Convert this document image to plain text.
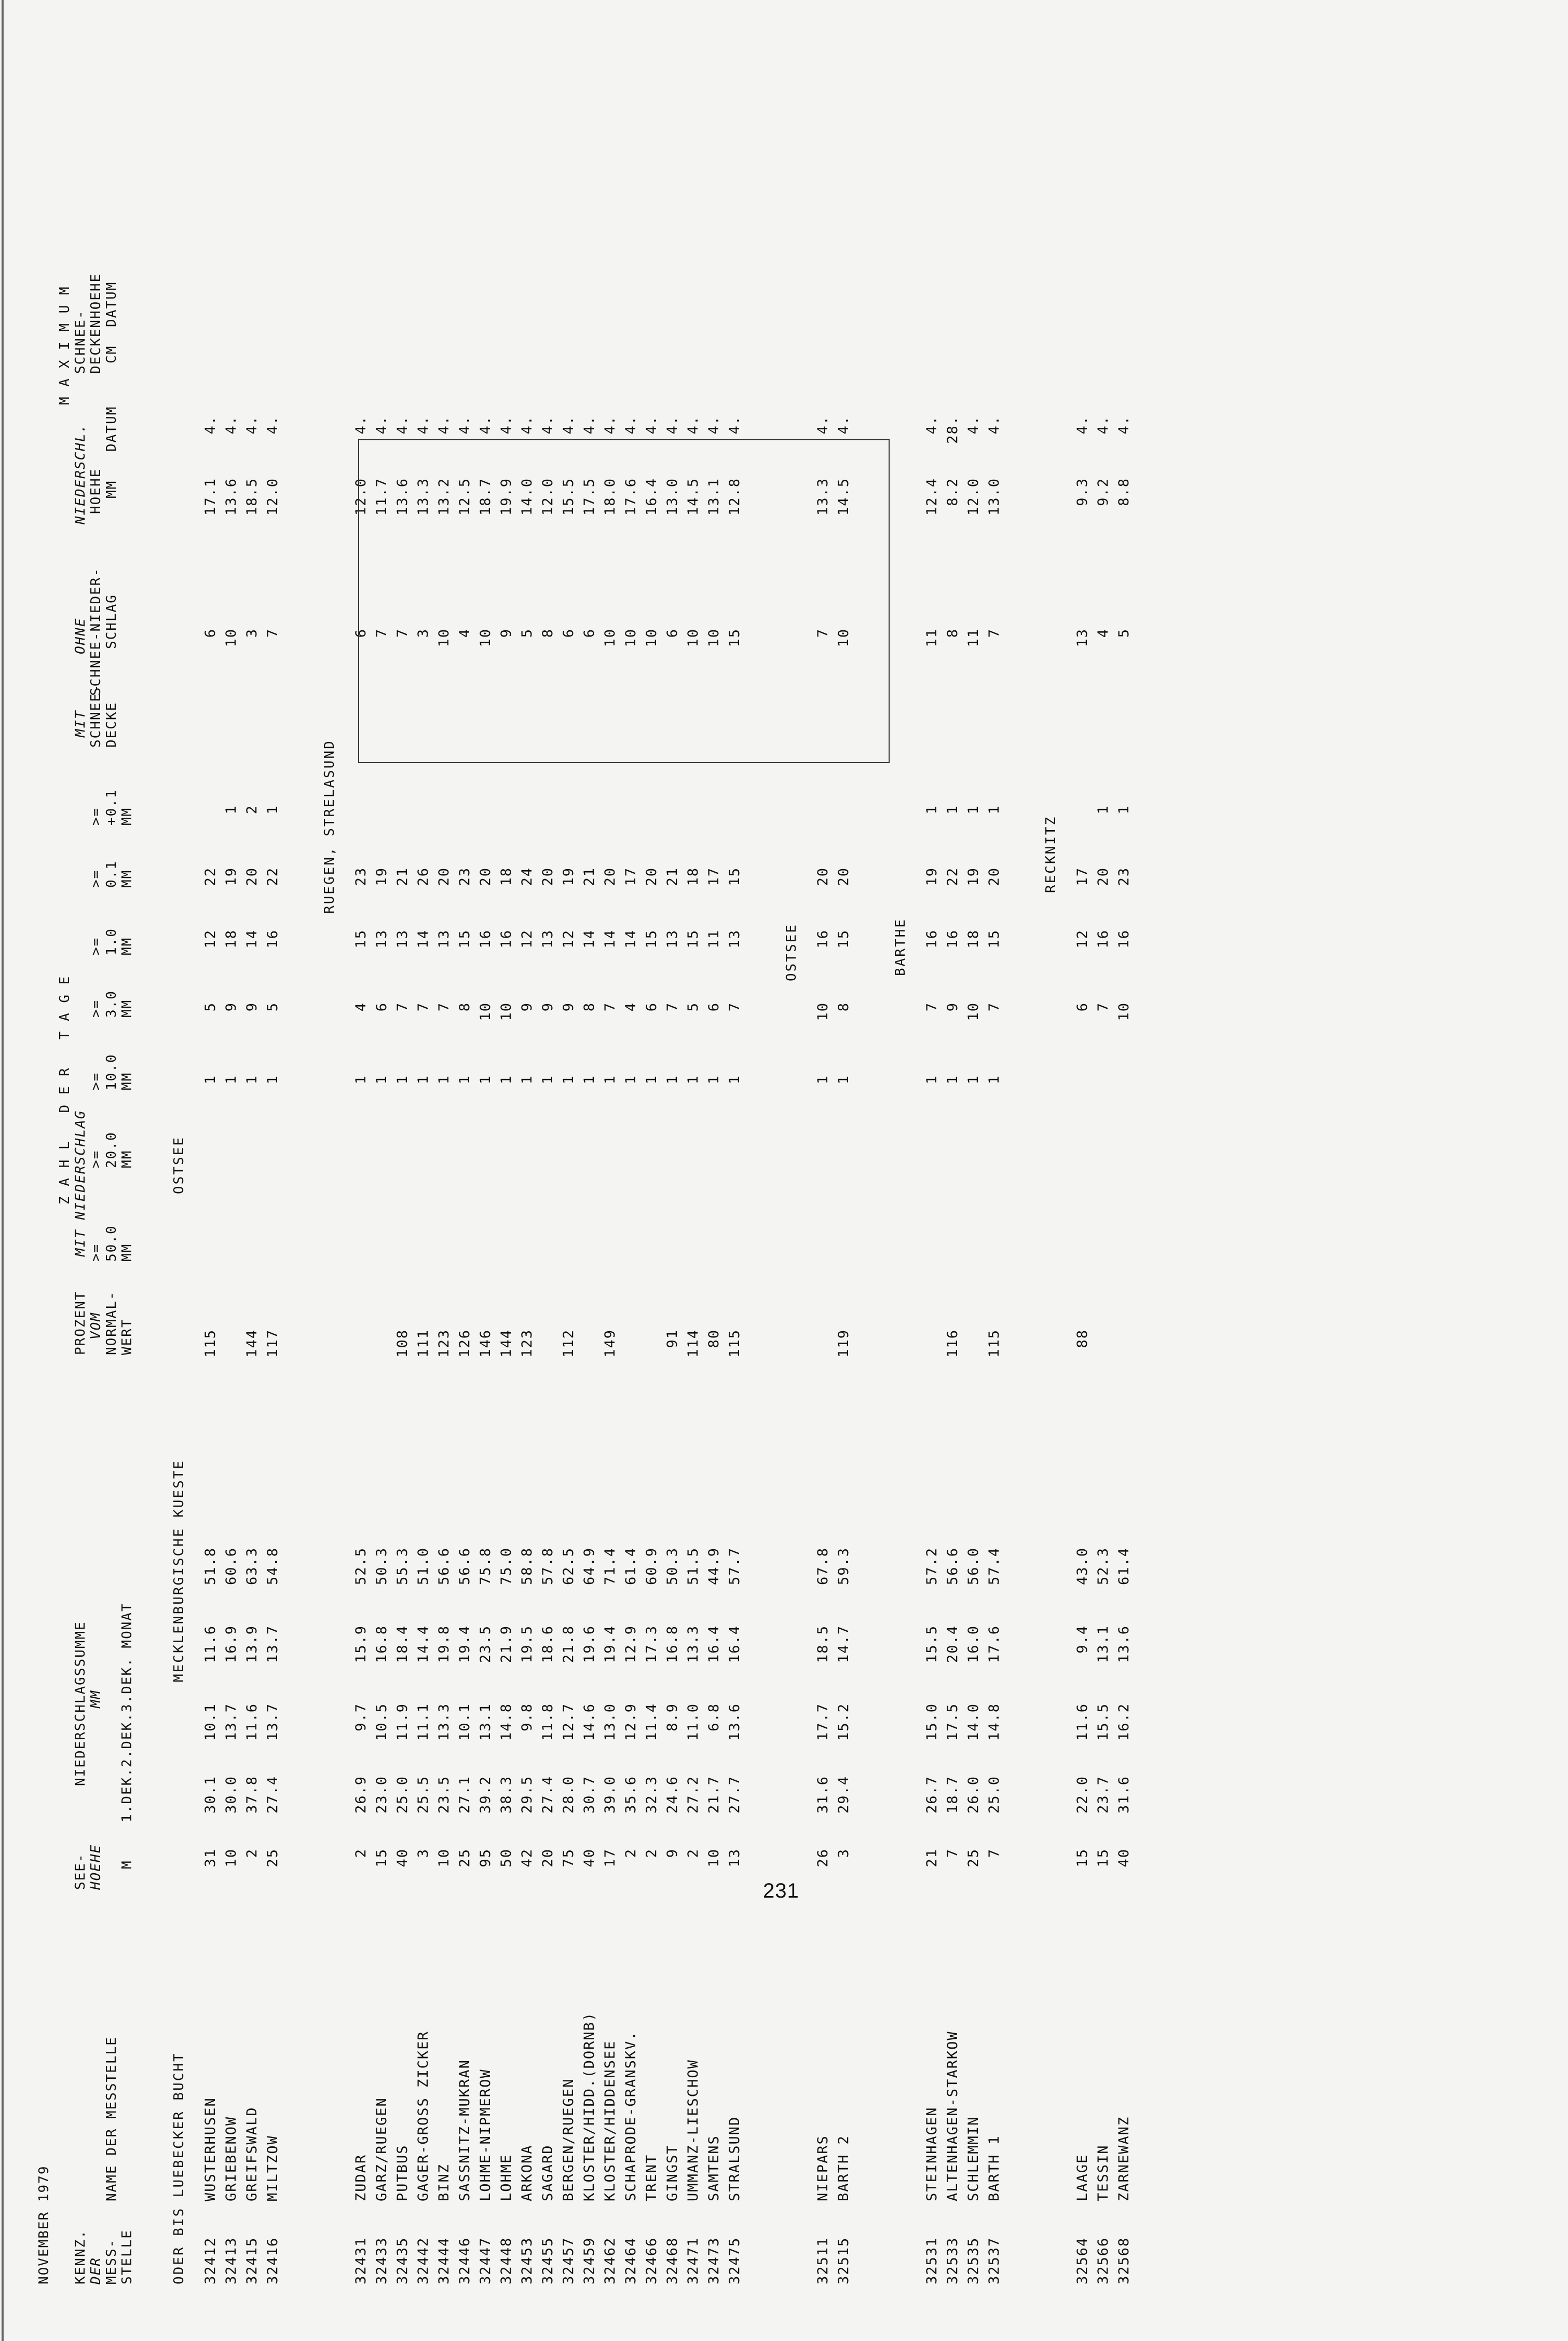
NOVEMBER 1979 KENNZ. DER MESS- STELLE
NAME DER MESSTELLE
SEE- HOEHE M
NIEDERSCHLAGSSUMME MM 1.DEK.2.DEK.3.DEK. MONAT
PROZENT VOM NORMAL- WERT
Z A H L   D E R   T A G E MIT NIEDERSCHLAG >= 50.0 MM
>= 20.0 MM
>= 10.0 MM
>= 3.0 MM
>= 1.0 MM
>= 0.1 MM
>= +0.1 MM
MIT SCHNEE- DECKE
OHNE SCHNEE-NIEDER- SCHLAG
M A X I M U M
NIEDERSCHL. HOEHE MM
DATUM
SCHNEE- DECKENHOEHE CM
DATUM
MECKLENBURGISCHE KUESTE
ODER BIS LUEBECKER BUCHT
OSTSEE
32412
WUSTERHUSEN
31
30.1
10.1
11.6
51.8
115
1
5
12
22
6
17.1
4.
32413
GRIEBENOW
10
30.0
13.7
16.9
60.6
1
9
18
19
1
10
13.6
4.
32415
GREIFSWALD
2
37.8
11.6
13.9
63.3
144
1
9
14
20
2
3
18.5
4.
32416
MILTZOW
25
27.4
13.7
13.7
54.8
117
1
5
16
22
1
7
12.0
4.
RUEGEN, STRELASUND
32431
ZUDAR
2
26.9
9.7
15.9
52.5
1
4
15
23
6
12.0
4.
32433
GARZ/RUEGEN
15
23.0
10.5
16.8
50.3
1
6
13
19
7
11.7
4.
32435
PUTBUS
40
25.0
11.9
18.4
55.3
108
1
7
13
21
7
13.6
4.
32442
GAGER-GROSS ZICKER
3
25.5
11.1
14.4
51.0
111
1
7
14
26
3
13.3
4.
32444
BINZ
10
23.5
13.3
19.8
56.6
123
1
7
13
20
10
13.2
4.
32446
SASSNITZ-MUKRAN
25
27.1
10.1
19.4
56.6
126
1
8
15
23
4
12.5
4.
32447
LOHME-NIPMEROW
95
39.2
13.1
23.5
75.8
146
1
10
16
20
10
18.7
4.
32448
LOHME
50
38.3
14.8
21.9
75.0
144
1
10
16
18
9
19.9
4.
32453
ARKONA
42
29.5
9.8
19.5
58.8
123
1
9
12
24
5
14.0
4.
32455
SAGARD
20
27.4
11.8
18.6
57.8
1
9
13
20
8
12.0
4.
32457
BERGEN/RUEGEN
75
28.0
12.7
21.8
62.5
112
1
9
12
19
6
15.5
4.
32459
KLOSTER/HIDD.(DORNB)
40
30.7
14.6
19.6
64.9
1
8
14
21
6
17.5
4.
32462
KLOSTER/HIDDENSEE
17
39.0
13.0
19.4
71.4
149
1
7
14
20
10
18.0
4.
32464
SCHAPRODE-GRANSKV.
2
35.6
12.9
12.9
61.4
1
4
14
17
10
17.6
4.
32466
TRENT
2
32.3
11.4
17.3
60.9
1
6
15
20
10
16.4
4.
32468
GINGST
9
24.6
8.9
16.8
50.3
91
1
7
13
21
6
13.0
4.
32471
UMMANZ-LIESCHOW
2
27.2
11.0
13.3
51.5
114
1
5
15
18
10
14.5
4.
32473
SAMTENS
10
21.7
6.8
16.4
44.9
80
1
6
11
17
10
13.1
4.
32475
STRALSUND
13
27.7
13.6
16.4
57.7
115
1
7
13
15
15
12.8
4.
OSTSEE
32511
NIEPARS
26
31.6
17.7
18.5
67.8
1
10
16
20
7
13.3
4.
32515
BARTH 2
3
29.4
15.2
14.7
59.3
119
1
8
15
20
10
14.5
4.
BARTHE
32531
STEINHAGEN
21
26.7
15.0
15.5
57.2
1
7
16
19
1
11
12.4
4.
32533
ALTENHAGEN-STARKOW
7
18.7
17.5
20.4
56.6
116
1
9
16
22
1
8
8.2
28.
32535
SCHLEMMIN
25
26.0
14.0
16.0
56.0
1
10
18
19
1
11
12.0
4.
32537
BARTH 1
7
25.0
14.8
17.6
57.4
115
1
7
15
20
1
7
13.0
4.
RECKNITZ
32564
LAAGE
15
22.0
11.6
9.4
43.0
88
6
12
17
13
9.3
4.
32566
TESSIN
15
23.7
15.5
13.1
52.3
7
16
20
1
4
9.2
4.
32568
ZARNEWANZ
40
31.6
16.2
13.6
61.4
10
16
23
1
5
8.8
4.
231
